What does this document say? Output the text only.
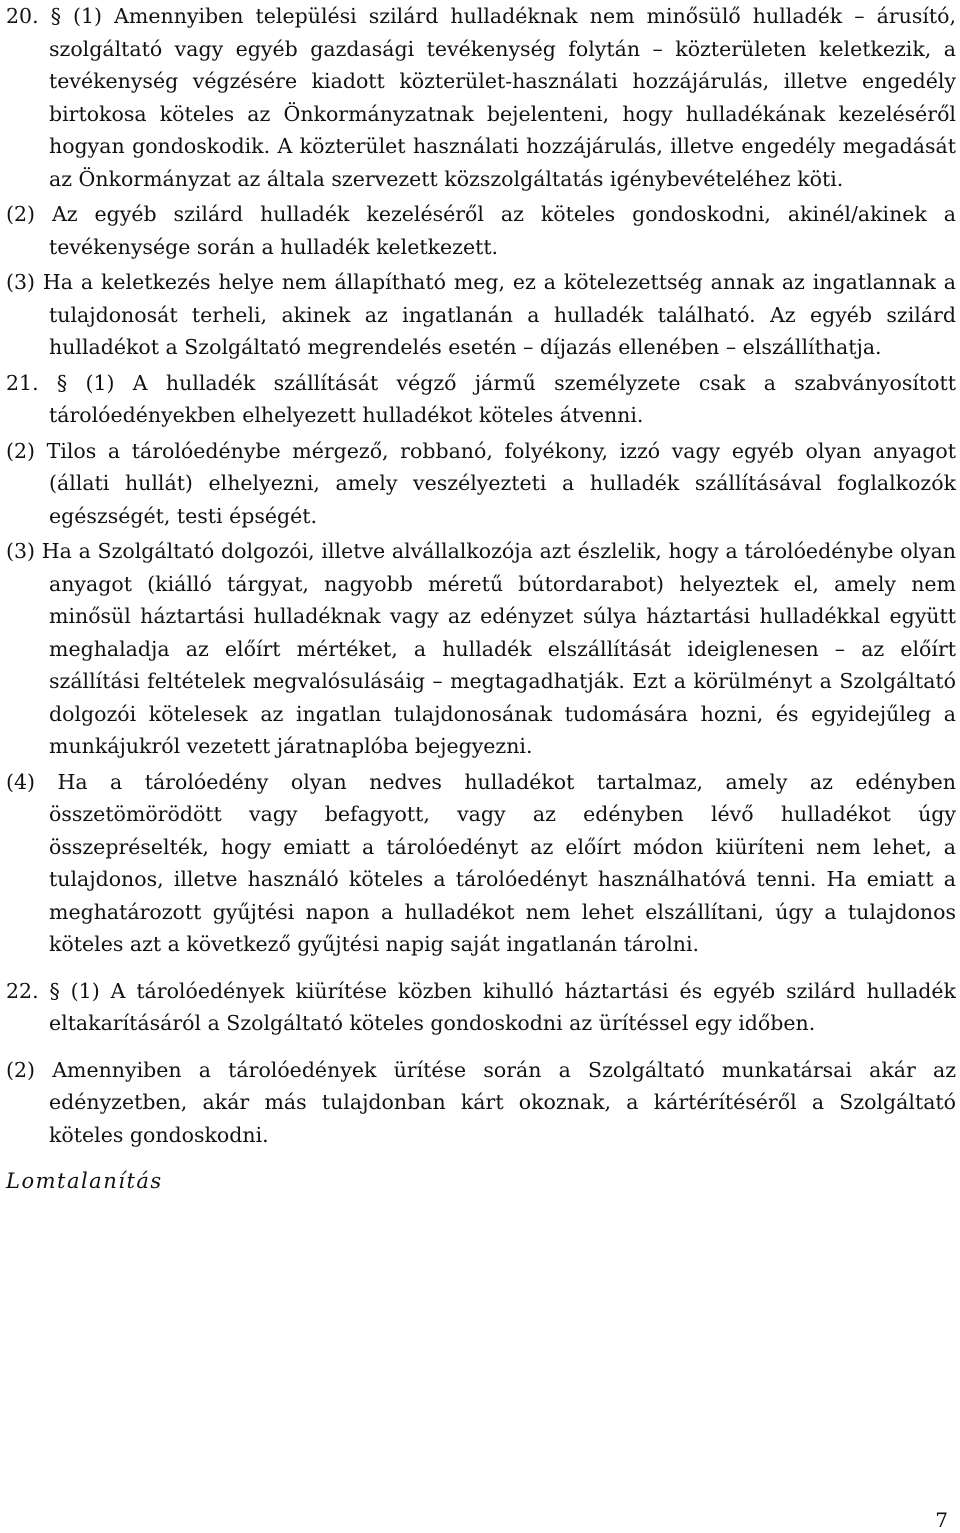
20. § (1) Amennyiben települési szilárd hulladéknak nem minősülő hulladék – árusító, szolgáltató vagy egyéb gazdasági tevékenység folytán – közterületen keletkezik, a tevékenység végzésére kiadott közterület-használati hozzájárulás, illetve engedély birtokosa köteles az Önkormányzatnak bejelenteni, hogy hulladékának kezeléséről hogyan gondoskodik. A közterület használati hozzájárulás, illetve engedély megadását az Önkormányzat az általa szervezett közszolgáltatás igénybevételéhez köti.

(2) Az egyéb szilárd hulladék kezeléséről az köteles gondoskodni, akinél/akinek a tevékenysége során a hulladék keletkezett.

(3) Ha a keletkezés helye nem állapítható meg, ez a kötelezettség annak az ingatlannak a tulajdonosát terheli, akinek az ingatlanán a hulladék található. Az egyéb szilárd hulladékot a Szolgáltató megrendelés esetén – díjazás ellenében – elszállíthatja.

21. § (1) A hulladék szállítását végző jármű személyzete csak a szabványosított tárolóedényekben elhelyezett hulladékot köteles átvenni.

(2) Tilos a tárolóedénybe mérgező, robbanó, folyékony, izzó vagy egyéb olyan anyagot (állati hullát) elhelyezni, amely veszélyezteti a hulladék szállításával foglalkozók egészségét, testi épségét.

(3) Ha a Szolgáltató dolgozói, illetve alvállalkozója azt észlelik, hogy a tárolóedénybe olyan anyagot (kiálló tárgyat, nagyobb méretű bútordarabot) helyeztek el, amely nem minősül háztartási hulladéknak vagy az edényzet súlya háztartási hulladékkal együtt meghaladja az előírt mértéket, a hulladék elszállítását ideiglenesen – az előírt szállítási feltételek megvalósulásáig – megtagadhatják. Ezt a körülményt a Szolgáltató dolgozói kötelesek az ingatlan tulajdonosának tudomására hozni, és egyidejűleg a munkájukról vezetett járatnaplóba bejegyezni.

(4) Ha a tárolóedény olyan nedves hulladékot tartalmaz, amely az edényben összetömörödött vagy befagyott, vagy az edényben lévő hulladékot úgy összepréselték, hogy emiatt a tárolóedényt az előírt módon kiüríteni nem lehet, a tulajdonos, illetve használó köteles a tárolóedényt használhatóvá tenni. Ha emiatt a meghatározott gyűjtési napon a hulladékot nem lehet elszállítani, úgy a tulajdonos köteles azt a következő gyűjtési napig saját ingatlanán tárolni.

22. § (1) A tárolóedények kiürítése közben kihulló háztartási és egyéb szilárd hulladék eltakarításáról a Szolgáltató köteles gondoskodni az ürítéssel egy időben.

(2) Amennyiben a tárolóedények ürítése során a Szolgáltató munkatársai akár az edényzetben, akár más tulajdonban kárt okoznak, a kártérítéséről a Szolgáltató köteles gondoskodni.

Lomtalanítás

7
